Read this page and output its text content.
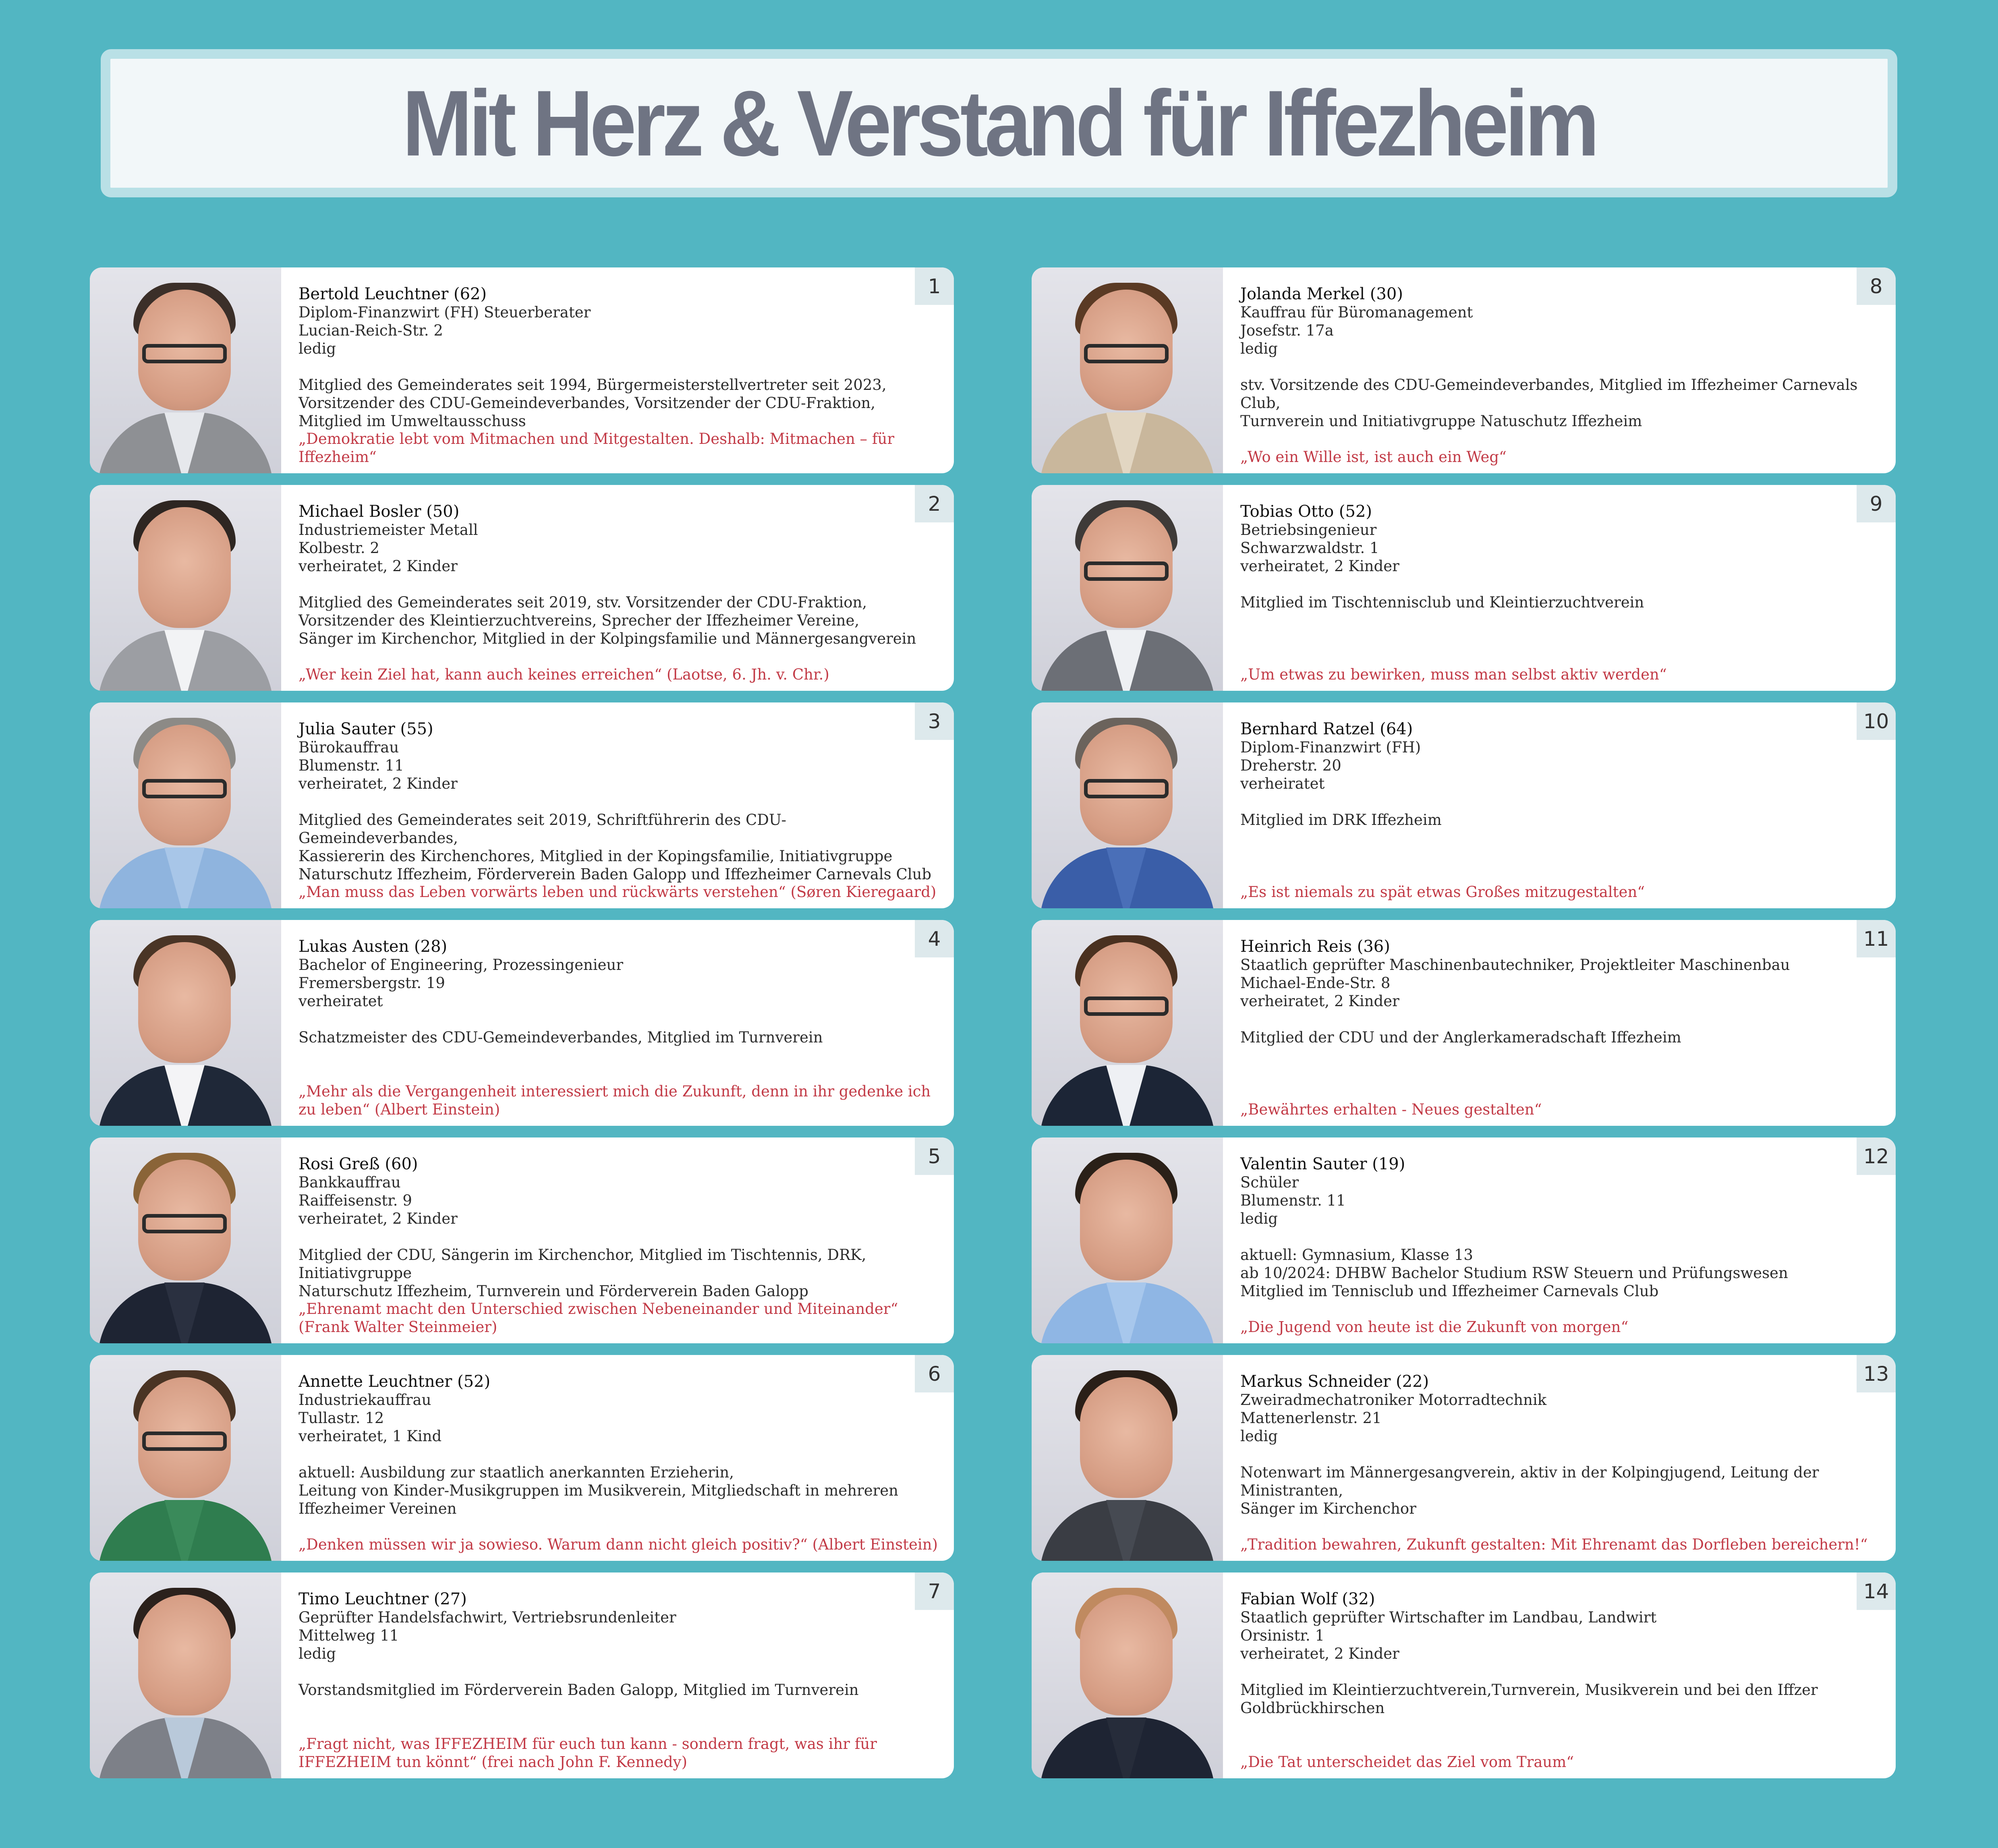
Mit Herz & Verstand für Iffezheim
Bertold Leuchtner (62)
Diplom-Finanzwirt (FH) Steuerberater
Lucian-Reich-Str. 2
ledig
Mitglied des Gemeinderates seit 1994, Bürgermeisterstellvertreter seit 2023,
Vorsitzender des CDU-Gemeindeverbandes, Vorsitzender der CDU-Fraktion,
Mitglied im Umweltausschuss
„Demokratie lebt vom Mitmachen und Mitgestalten. Deshalb: Mitmachen – für Iffezheim“
1
Michael Bosler (50)
Industriemeister Metall
Kolbestr. 2
verheiratet, 2 Kinder
Mitglied des Gemeinderates seit 2019, stv. Vorsitzender der CDU-Fraktion,
Vorsitzender des Kleintierzuchtvereins, Sprecher der Iffezheimer Vereine,
Sänger im Kirchenchor, Mitglied in der Kolpingsfamilie und Männergesangverein
„Wer kein Ziel hat, kann auch keines erreichen“ (Laotse, 6. Jh. v. Chr.)
2
Julia Sauter (55)
Bürokauffrau
Blumenstr. 11
verheiratet, 2 Kinder
Mitglied des Gemeinderates seit 2019, Schriftführerin des CDU-Gemeindeverbandes,
Kassiererin des Kirchenchores, Mitglied in der Kopingsfamilie, Initiativgruppe
Naturschutz Iffezheim, Förderverein Baden Galopp und Iffezheimer Carnevals Club
„Man muss das Leben vorwärts leben und rückwärts verstehen“ (Søren Kieregaard)
3
Lukas Austen (28)
Bachelor of Engineering, Prozessingenieur
Fremersbergstr. 19
verheiratet
Schatzmeister des CDU-Gemeindeverbandes, Mitglied im Turnverein
„Mehr als die Vergangenheit interessiert mich die Zukunft, denn in ihr gedenke ich zu leben“ (Albert Einstein)
4
Rosi Greß (60)
Bankkauffrau
Raiffeisenstr. 9
verheiratet, 2 Kinder
Mitglied der CDU, Sängerin im Kirchenchor, Mitglied im Tischtennis, DRK, Initiativgruppe
Naturschutz Iffezheim, Turnverein und Förderverein Baden Galopp
„Ehrenamt macht den Unterschied zwischen Nebeneinander und Miteinander“ (Frank Walter Steinmeier)
5
Annette Leuchtner (52)
Industriekauffrau
Tullastr. 12
verheiratet, 1 Kind
aktuell: Ausbildung zur staatlich anerkannten Erzieherin,
Leitung von Kinder-Musikgruppen im Musikverein, Mitgliedschaft in mehreren
Iffezheimer Vereinen
„Denken müssen wir ja sowieso. Warum dann nicht gleich positiv?“ (Albert Einstein)
6
Timo Leuchtner (27)
Geprüfter Handelsfachwirt, Vertriebsrundenleiter
Mittelweg 11
ledig
Vorstandsmitglied im Förderverein Baden Galopp, Mitglied im Turnverein
„Fragt nicht, was IFFEZHEIM für euch tun kann - sondern fragt, was ihr für IFFEZHEIM tun könnt“ (frei nach John F. Kennedy)
7
Jolanda Merkel (30)
Kauffrau für Büromanagement
Josefstr. 17a
ledig
stv. Vorsitzende des CDU-Gemeindeverbandes, Mitglied im Iffezheimer Carnevals Club,
Turnverein und Initiativgruppe Natuschutz Iffezheim
„Wo ein Wille ist, ist auch ein Weg“
8
Tobias Otto (52)
Betriebsingenieur
Schwarzwaldstr. 1
verheiratet, 2 Kinder
Mitglied im Tischtennisclub und Kleintierzuchtverein
„Um etwas zu bewirken, muss man selbst aktiv werden“
9
Bernhard Ratzel (64)
Diplom-Finanzwirt (FH)
Dreherstr. 20
verheiratet
Mitglied im DRK Iffezheim
„Es ist niemals zu spät etwas Großes mitzugestalten“
10
Heinrich Reis (36)
Staatlich geprüfter Maschinenbautechniker, Projektleiter Maschinenbau
Michael-Ende-Str. 8
verheiratet, 2 Kinder
Mitglied der CDU und der Anglerkameradschaft Iffezheim
„Bewährtes erhalten - Neues gestalten“
11
Valentin Sauter (19)
Schüler
Blumenstr. 11
ledig
aktuell: Gymnasium, Klasse 13
ab 10/2024: DHBW Bachelor Studium RSW Steuern und Prüfungswesen
Mitglied im Tennisclub und Iffezheimer Carnevals Club
„Die Jugend von heute ist die Zukunft von morgen“
12
Markus Schneider (22)
Zweiradmechatroniker Motorradtechnik
Mattenerlenstr. 21
ledig
Notenwart im Männergesangverein, aktiv in der Kolpingjugend, Leitung der Ministranten,
Sänger im Kirchenchor
„Tradition bewahren, Zukunft gestalten: Mit Ehrenamt das Dorfleben bereichern!“
13
Fabian Wolf (32)
Staatlich geprüfter Wirtschafter im Landbau, Landwirt
Orsinistr. 1
verheiratet, 2 Kinder
Mitglied im Kleintierzuchtverein,Turnverein, Musikverein und bei den Iffzer
Goldbrückhirschen
„Die Tat unterscheidet das Ziel vom Traum“
14
